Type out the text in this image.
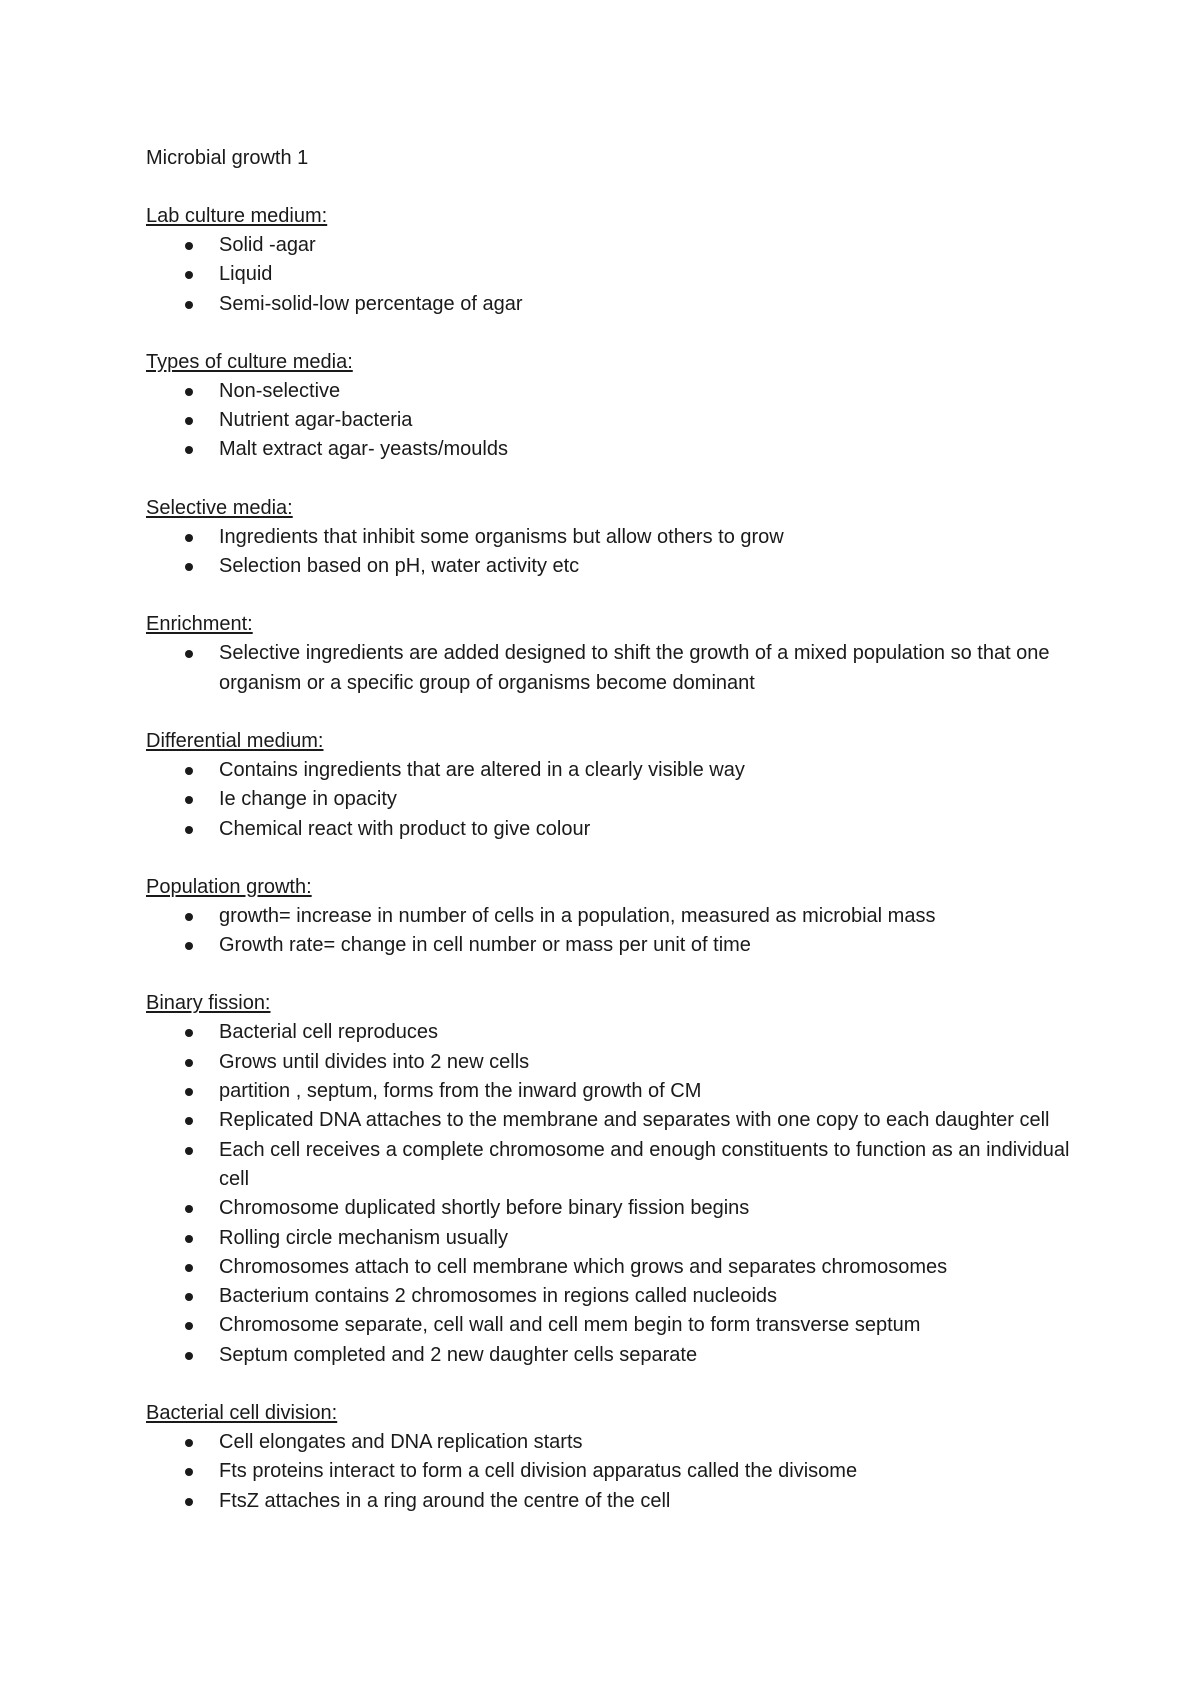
Microbial growth 1
Lab culture medium:
Solid -agar
Liquid
Semi-solid-low percentage of agar
Types of culture media:
Non-selective
Nutrient agar-bacteria
Malt extract agar- yeasts/moulds
Selective media:
Ingredients that inhibit some organisms but allow others to grow
Selection based on pH, water activity etc
Enrichment:
Selective ingredients are added designed to shift the growth of a mixed population so that one organism or a specific group of organisms become dominant
Differential medium:
Contains ingredients that are altered in a clearly visible way
Ie change in opacity
Chemical react with product to give colour
Population growth:
growth= increase in number of cells in a population, measured as microbial mass
Growth rate= change in cell number or mass per unit of time
Binary fission:
Bacterial cell reproduces
Grows until divides into 2 new cells
partition , septum, forms from the inward growth of CM
Replicated DNA attaches to the membrane and separates with one copy to each daughter cell
Each cell receives a complete chromosome and enough constituents to function as an individual cell
Chromosome duplicated shortly before binary fission begins
Rolling circle mechanism usually
Chromosomes attach to cell membrane which grows and separates chromosomes
Bacterium contains 2 chromosomes in regions called nucleoids
Chromosome separate, cell wall and cell mem begin to form transverse septum
Septum completed and 2 new daughter cells separate
Bacterial cell division:
Cell elongates and DNA replication starts
Fts proteins interact to form a cell division apparatus called the divisome
FtsZ attaches in a ring around the centre of the cell
